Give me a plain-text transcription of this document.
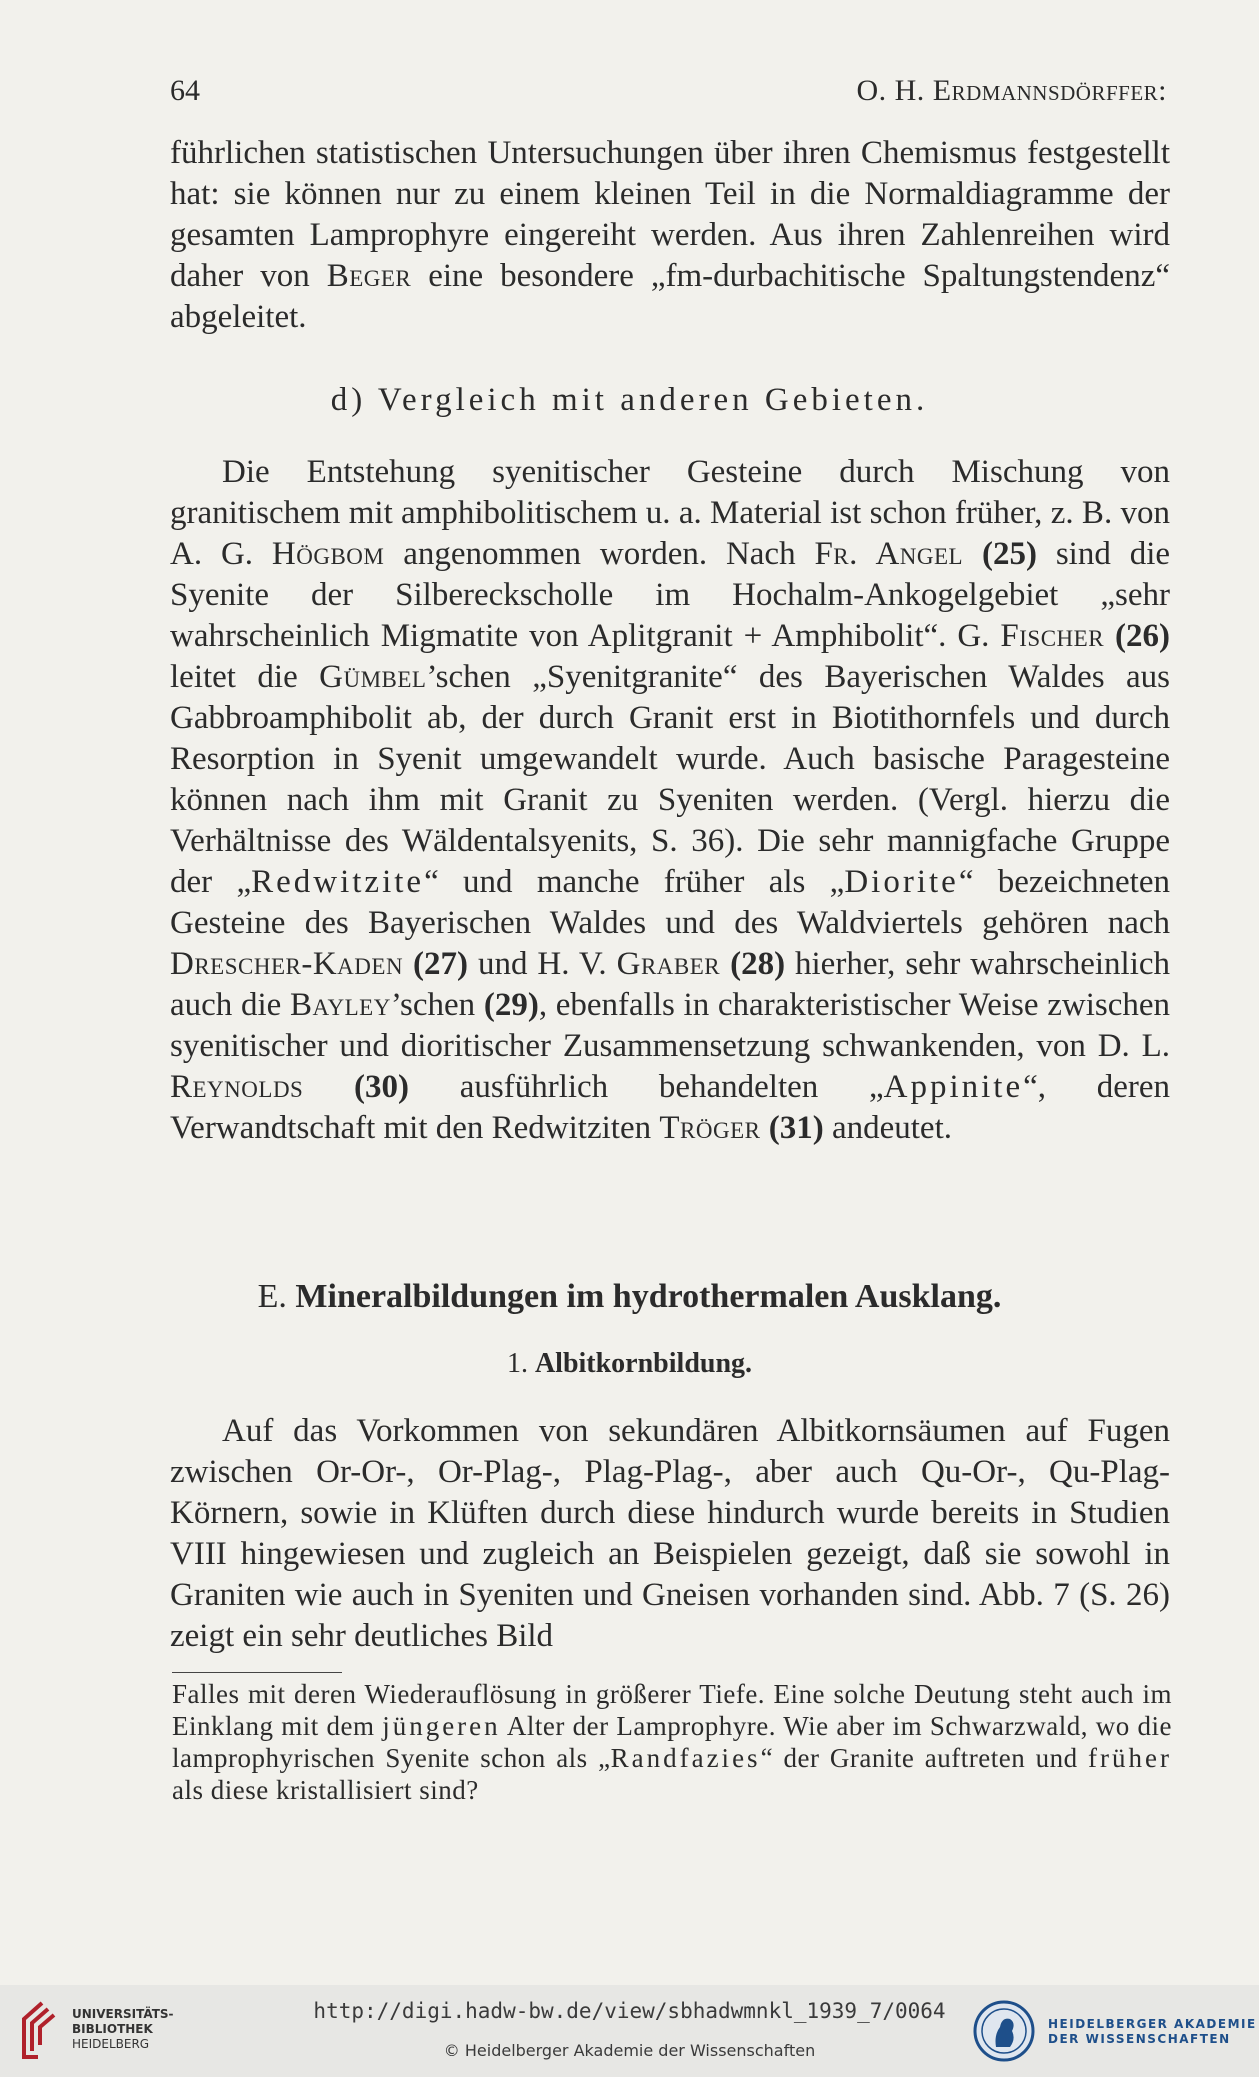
64	O. H. Erdmannsdörffer:

führlichen statistischen Untersuchungen über ihren Chemismus festgestellt hat: sie können nur zu einem kleinen Teil in die Normaldiagramme der gesamten Lamprophyre eingereiht werden. Aus ihren Zahlenreihen wird daher von Beger eine besondere „fm-durbachitische Spaltungstendenz“ abgeleitet.

d) Vergleich mit anderen Gebieten.

Die Entstehung syenitischer Gesteine durch Mischung von granitischem mit amphibolitischem u. a. Material ist schon früher, z. B. von A. G. Högbom angenommen worden. Nach Fr. Angel (25) sind die Syenite der Silbereckscholle im Hochalm-Ankogelgebiet „sehr wahrscheinlich Migmatite von Aplitgranit + Amphibolit“. G. Fischer (26) leitet die Gümbel’schen „Syenitgranite“ des Bayerischen Waldes aus Gabbroamphibolit ab, der durch Granit erst in Biotithornfels und durch Resorption in Syenit umgewandelt wurde. Auch basische Paragesteine können nach ihm mit Granit zu Syeniten werden. (Vergl. hierzu die Verhältnisse des Wäldentalsyenits, S. 36). Die sehr mannigfache Gruppe der „Redwitzite“ und manche früher als „Diorite“ bezeichneten Gesteine des Bayerischen Waldes und des Waldviertels gehören nach Drescher-Kaden (27) und H. V. Graber (28) hierher, sehr wahrscheinlich auch die Bayley’schen (29), ebenfalls in charakteristischer Weise zwischen syenitischer und dioritischer Zusammensetzung schwankenden, von D. L. Reynolds (30) ausführlich behandelten „Appinite“, deren Verwandtschaft mit den Redwitziten Tröger (31) andeutet.

E. Mineralbildungen im hydrothermalen Ausklang.
1. Albitkornbildung.

Auf das Vorkommen von sekundären Albitkornsäumen auf Fugen zwischen Or-Or-, Or-Plag-, Plag-Plag-, aber auch Qu-Or-, Qu-Plag-Körnern, sowie in Klüften durch diese hindurch wurde bereits in Studien VIII hingewiesen und zugleich an Beispielen gezeigt, daß sie sowohl in Graniten wie auch in Syeniten und Gneisen vorhanden sind. Abb. 7 (S. 26) zeigt ein sehr deutliches Bild

Falles mit deren Wiederauflösung in größerer Tiefe. Eine solche Deutung steht auch im Einklang mit dem jüngeren Alter der Lamprophyre. Wie aber im Schwarzwald, wo die lamprophyrischen Syenite schon als „Randfazies“ der Granite auftreten und früher als diese kristallisiert sind?
UNIVERSITÄTS-
BIBLIOTHEK
HEIDELBERG
http://digi.hadw-bw.de/view/sbhadwmnkl_1939_7/0064
© Heidelberger Akademie der Wissenschaften
HEIDELBERGER AKADEMIE
DER WISSENSCHAFTEN
